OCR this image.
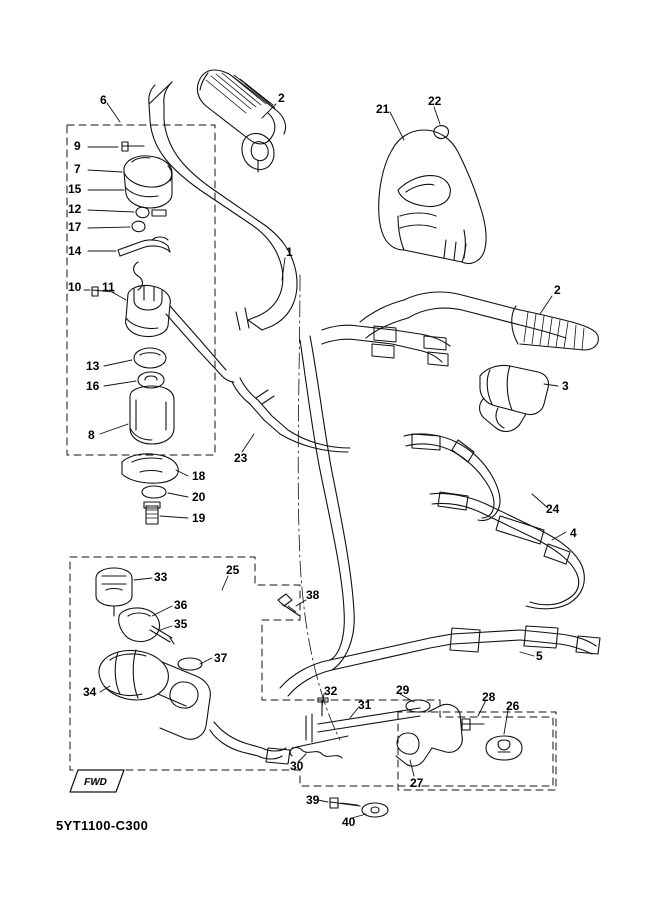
6
9
7
15
12
17
14
10 11
13
16
8
18
20
19
2
1
21
22
2
3
23
24
4
5
33
36
35
37
34
25
38
32
31
29	28
26
27
30
39
40
FWD
5YT1100-C300
